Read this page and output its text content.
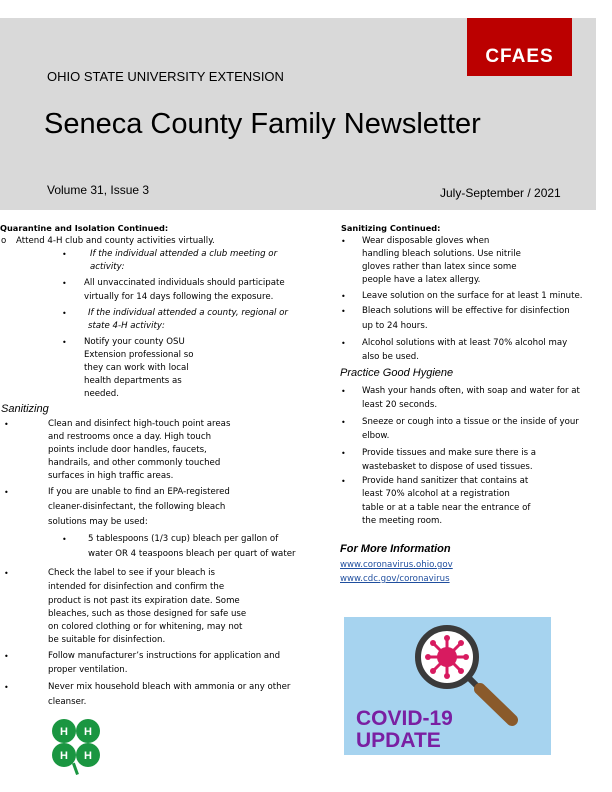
CFAES
OHIO STATE UNIVERSITY EXTENSION
Seneca County Family Newsletter
Volume 31, Issue 3	July-September / 2021
Quarantine and Isolation Continued:
o Attend 4-H club and county activities virtually.
•	If the individual attended a club meeting or
activity:
• All unvaccinated individuals should participate
virtually for 14 days following the exposure.
• If the individual attended a county, regional or
state 4-H activity:
• Notify your county OSU
Extension professional so
they can work with local
health departments as
needed.
Sanitizing
•	Clean and disinfect high-touch point areas
and restrooms once a day. High touch
points include door handles, faucets,
handrails, and other commonly touched
surfaces in high traffic areas.
•	If you are unable to find an EPA-registered
cleaner-disinfectant, the following bleach
solutions may be used:
• 5 tablespoons (1/3 cup) bleach per gallon of
water OR 4 teaspoons bleach per quart of water
•	Check the label to see if your bleach is
intended for disinfection and confirm the
product is not past its expiration date. Some
bleaches, such as those designed for safe use
on colored clothing or for whitening, may not
be suitable for disinfection.
•	Follow manufacturer’s instructions for application and
proper ventilation.
•	Never mix household bleach with ammonia or any other
cleanser.
Sanitizing Continued:
• Wear disposable gloves when
handling bleach solutions. Use nitrile
gloves rather than latex since some
people have a latex allergy.
• Leave solution on the surface for at least 1 minute.
• Bleach solutions will be effective for disinfection
up to 24 hours.
• Alcohol solutions with at least 70% alcohol may
also be used.
Practice Good Hygiene
• Wash your hands often, with soap and water for at
least 20 seconds.
• Sneeze or cough into a tissue or the inside of your
elbow.
• Provide tissues and make sure there is a
wastebasket to dispose of used tissues.
• Provide hand sanitizer that contains at
least 70% alcohol at a registration
table or at a table near the entrance of
the meeting room.
For More Information
www.coronavirus.ohio.gov
www.cdc.gov/coronavirus
COVID-19
UPDATE
H H
H H
